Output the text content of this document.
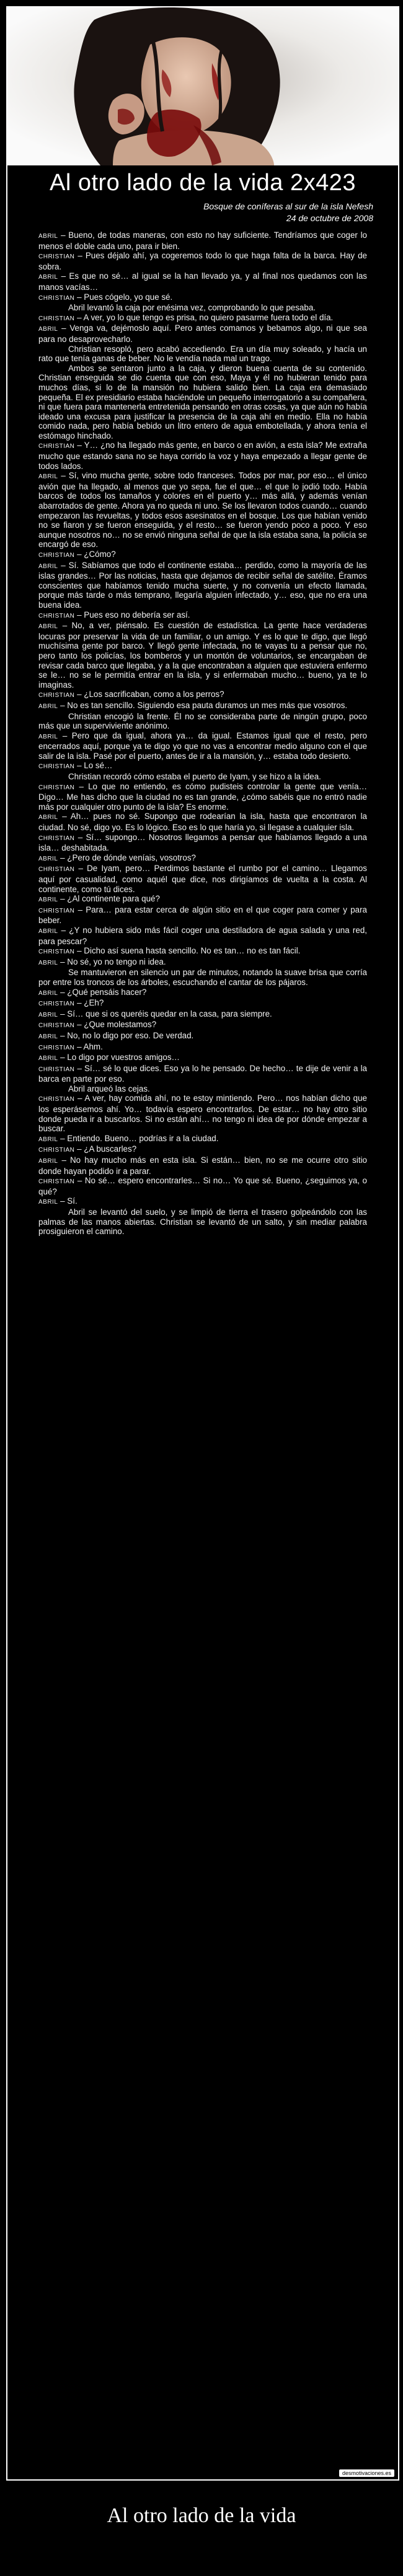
Al otro lado de la vida 2x423
Bosque de coníferas al sur de la isla Nefesh
24 de octubre de 2008

ABRIL – Bueno, de todas maneras, con esto no hay suficiente. Tendríamos que coger lo menos el doble cada uno, para ir bien.

CHRISTIAN – Pues déjalo ahí, ya cogeremos todo lo que haga falta de la barca. Hay de sobra.

ABRIL – Es que no sé… al igual se la han llevado ya, y al final nos quedamos con las manos vacías…

CHRISTIAN – Pues cógelo, yo que sé.

Abril levantó la caja por enésima vez, comprobando lo que pesaba.

CHRISTIAN – A ver, yo lo que tengo es prisa, no quiero pasarme fuera todo el día.

ABRIL – Venga va, dejémoslo aquí. Pero antes comamos y bebamos algo, ni que sea para no desaprovecharlo.

Christian resopló, pero acabó accediendo. Era un día muy soleado, y hacía un rato que tenía ganas de beber. No le vendía nada mal un trago.

Ambos se sentaron junto a la caja, y dieron buena cuenta de su contenido. Christian enseguida se dio cuenta que con eso, Maya y él no hubieran tenido para muchos días, si lo de la mansión no hubiera salido bien. La caja era demasiado pequeña. El ex presidiario estaba haciéndole un pequeño interrogatorio a su compañera, ni que fuera para mantenerla entretenida pensando en otras cosas, ya que aún no había ideado una excusa para justificar la presencia de la caja ahí en medio. Ella no había comido nada, pero había bebido un litro entero de agua embotellada, y ahora tenía el estómago hinchado.

CHRISTIAN – Y… ¿no ha llegado más gente, en barco o en avión, a esta isla? Me extraña mucho que estando sana no se haya corrido la voz y haya empezado a llegar gente de todos lados.

ABRIL – Sí, vino mucha gente, sobre todo franceses. Todos por mar, por eso… el único avión que ha llegado, al menos que yo sepa, fue el que… el que lo jodió todo. Había barcos de todos los tamaños y colores en el puerto y… más allá, y además venían abarrotados de gente. Ahora ya no queda ni uno. Se los llevaron todos cuando… cuando empezaron las revueltas, y todos esos asesinatos en el bosque. Los que habían venido no se fiaron y se fueron enseguida, y el resto… se fueron yendo poco a poco. Y eso aunque nosotros no… no se envió ninguna señal de que la isla estaba sana, la policía se encargó de eso.

CHRISTIAN – ¿Cómo?

ABRIL – Sí. Sabíamos que todo el continente estaba… perdido, como la mayoría de las islas grandes… Por las noticias, hasta que dejamos de recibir señal de satélite. Éramos conscientes que habíamos tenido mucha suerte, y no convenía un efecto llamada, porque más tarde o más temprano, llegaría alguien infectado, y… eso, que no era una buena idea.

CHRISTIAN – Pues eso no debería ser así.

ABRIL – No, a ver, piénsalo. Es cuestión de estadística. La gente hace verdaderas locuras por preservar la vida de un familiar, o un amigo. Y es lo que te digo, que llegó muchísima gente por barco. Y llegó gente infectada, no te vayas tu a pensar que no, pero tanto los policías, los bomberos y un montón de voluntarios, se encargaban de revisar cada barco que llegaba, y a la que encontraban a alguien que estuviera enfermo se le… no se le permitía entrar en la isla, y si enfermaban mucho… bueno, ya te lo imaginas.

CHRISTIAN – ¿Los sacrificaban, como a los perros?

ABRIL – No es tan sencillo. Siguiendo esa pauta duramos un mes más que vosotros.

Christian encogió la frente. Él no se consideraba parte de ningún grupo, poco más que un superviviente anónimo.

ABRIL – Pero que da igual, ahora ya… da igual. Estamos igual que el resto, pero encerrados aquí, porque ya te digo yo que no vas a encontrar medio alguno con el que salir de la isla. Pasé por el puerto, antes de ir a la mansión, y… estaba todo desierto.

CHRISTIAN – Lo sé…

Christian recordó cómo estaba el puerto de Iyam, y se hizo a la idea.

CHRISTIAN – Lo que no entiendo, es cómo pudisteis controlar la gente que venía… Digo… Me has dicho que la ciudad no es tan grande, ¿cómo sabéis que no entró nadie más por cualquier otro punto de la isla? Es enorme.

ABRIL – Ah… pues no sé. Supongo que rodearían la isla, hasta que encontraron la ciudad. No sé, digo yo. Es lo lógico. Eso es lo que haría yo, si llegase a cualquier isla.

CHRISTIAN – Sí… supongo… Nosotros llegamos a pensar que habíamos llegado a una isla… deshabitada.

ABRIL – ¿Pero de dónde veníais, vosotros?

CHRISTIAN – De Iyam, pero… Perdimos bastante el rumbo por el camino… Llegamos aquí por casualidad, como aquél que dice, nos dirigíamos de vuelta a la costa. Al continente, como tú dices.

ABRIL – ¿Al continente para qué?

CHRISTIAN – Para… para estar cerca de algún sitio en el que coger para comer y para beber.

ABRIL – ¿Y no hubiera sido más fácil coger una destiladora de agua salada y una red, para pescar?

CHRISTIAN – Dicho así suena hasta sencillo. No es tan… no es tan fácil.

ABRIL – No sé, yo no tengo ni idea.

Se mantuvieron en silencio un par de minutos, notando la suave brisa que corría por entre los troncos de los árboles, escuchando el cantar de los pájaros.

ABRIL – ¿Qué pensáis hacer?

CHRISTIAN – ¿Eh?

ABRIL – Sí… que si os queréis quedar en la casa, para siempre.

CHRISTIAN – ¿Que molestamos?

ABRIL – No, no lo digo por eso. De verdad.

CHRISTIAN – Ahm.

ABRIL – Lo digo por vuestros amigos…

CHRISTIAN – Sí… sé lo que dices. Eso ya lo he pensado. De hecho… te dije de venir a la barca en parte por eso.

Abril arqueó las cejas.

CHRISTIAN – A ver, hay comida ahí, no te estoy mintiendo. Pero… nos habían dicho que los esperásemos ahí. Yo… todavía espero encontrarlos. De estar… no hay otro sitio donde pueda ir a buscarlos. Si no están ahí… no tengo ni idea de por dónde empezar a buscar.

ABRIL – Entiendo. Bueno… podrías ir a la ciudad.

CHRISTIAN – ¿A buscarles?

ABRIL – No hay mucho más en esta isla. Si están… bien, no se me ocurre otro sitio donde hayan podido ir a parar.

CHRISTIAN – No sé… espero encontrarles… Si no… Yo que sé. Bueno, ¿seguimos ya, o qué?

ABRIL – Sí.

Abril se levantó del suelo, y se limpió de tierra el trasero golpeándolo con las palmas de las manos abiertas. Christian se levantó de un salto, y sin mediar palabra prosiguieron el camino.

desmotivaciones.es
Al otro lado de la vida
